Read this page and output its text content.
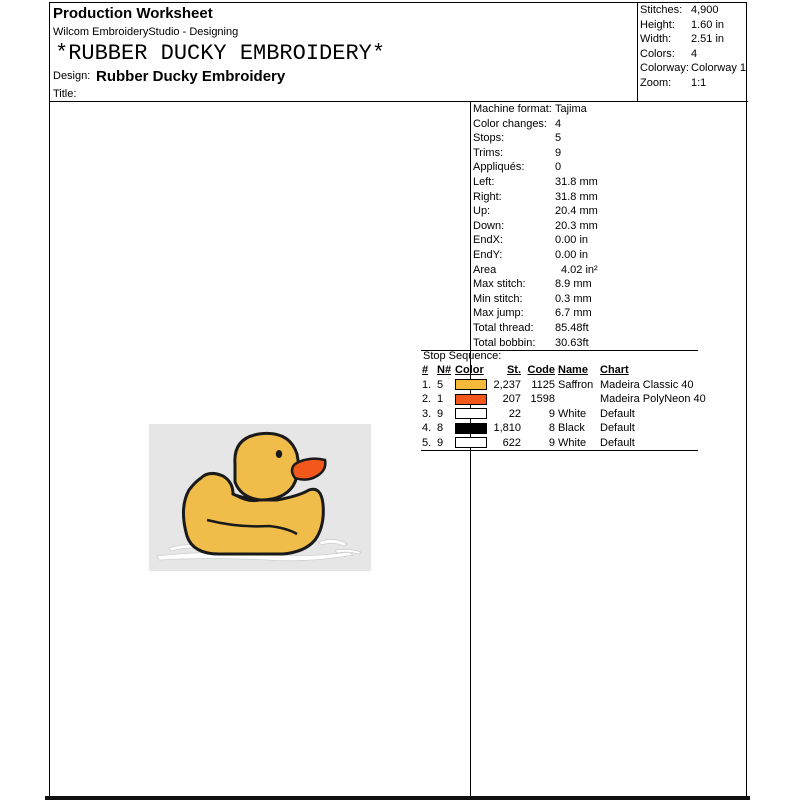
Production Worksheet
Wilcom EmbroideryStudio - Designing
*RUBBER DUCKY EMBROIDERY*
Design: Rubber Ducky Embroidery
Title:
Stitches: 4,900
Height: 1.60 in
Width: 2.51 in
Colors: 4
Colorway: Colorway 1
Zoom: 1:1
Machine format: Tajima
Color changes: 4
Stops:	5
Trims:	9
Appliqués:	0
Left:	31.8 mm
Right:	31.8 mm
Up:	20.4 mm
Down:	20.3 mm
EndX:	0.00 in
EndY:	0.00 in
Area	4.02 in²
Max stitch:	8.9 mm
Min stitch:	0.3 mm
Max jump:	6.7 mm
Total thread: 85.48ft
Total bobbin: 30.63ft
Stop Sequence:
#	N#	Color	St.	Code	Name	Chart
1.	5		2,237	1125	Saffron	Madeira Classic 40
2.	1		207	1598		Madeira PolyNeon 40
3.	9		22	9	White	Default
4.	8		1,810	8	Black	Default
5.	9		622	9	White	Default
